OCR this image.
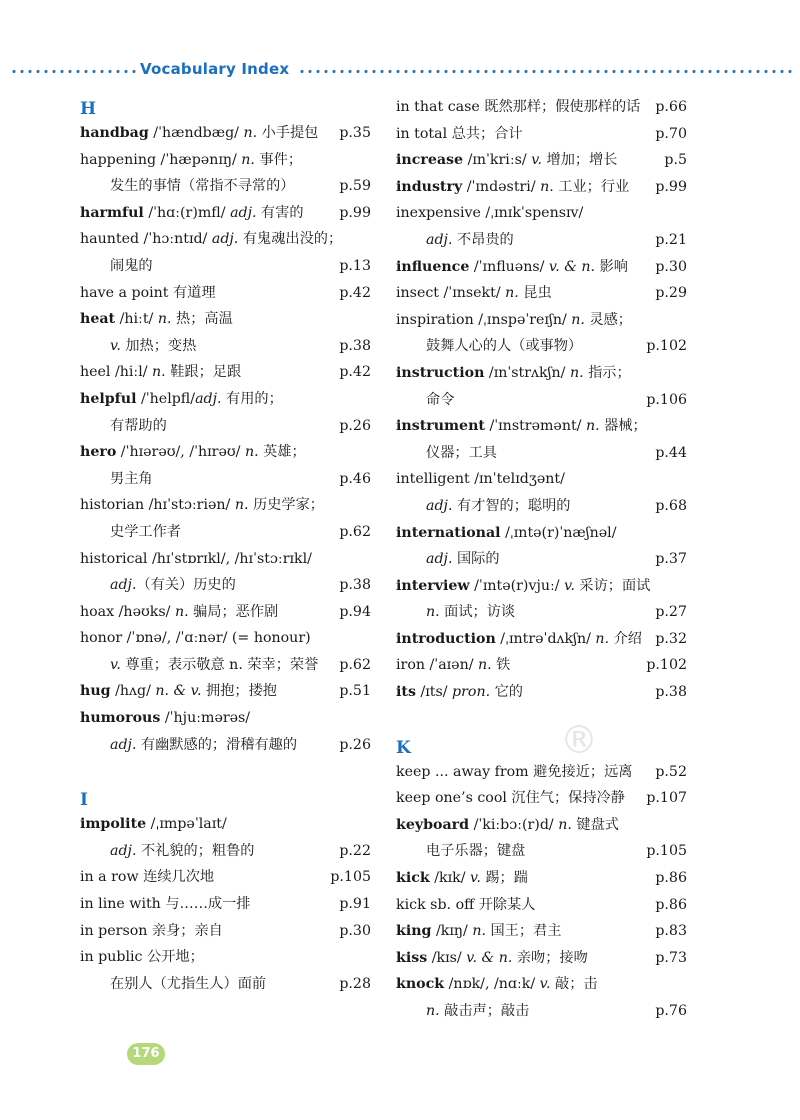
Vocabulary Index
H
handbag /ˈhændbæg/ n. 小手提包 p.35
happening /ˈhæpənɪŋ/ n. 事件；
发生的事情（常指不寻常的）	p.59
harmful /ˈhɑː(r)mfl/ adj. 有害的	p.99
haunted /ˈhɔːntɪd/ adj. 有鬼魂出没的；
闹鬼的	p.13
have a point 有道理	p.42
heat /hiːt/ n. 热；高温
v. 加热；变热	p.38
heel /hiːl/ n. 鞋跟；足跟	p.42
helpful /ˈhelpfl/adj. 有用的；
有帮助的	p.26
hero /ˈhɪərəʊ/, /ˈhɪrəʊ/ n. 英雄；
男主角	p.46
historian /hɪˈstɔːriən/ n. 历史学家；
史学工作者	p.62
historical /hɪˈstɒrɪkl/, /hɪˈstɔːrɪkl/
adj.（有关）历史的	p.38
hoax /həʊks/ n. 骗局；恶作剧	p.94
honor /ˈɒnə/, /ˈɑːnər/ (= honour)
v. 尊重；表示敬意 n. 荣幸；荣誉 p.62
hug /hʌg/ n. & v. 拥抱；搂抱	p.51
humorous /ˈhjuːmərəs/
adj. 有幽默感的；滑稽有趣的	p.26
I
impolite /ˌɪmpəˈlaɪt/
adj. 不礼貌的；粗鲁的	p.22
in a row 连续几次地	p.105
in line with 与……成一排	p.91
in person 亲身；亲自	p.30
in public 公开地；
在别人（尤指生人）面前	p.28
in that case 既然那样；假使那样的话 p.66
in total 总共；合计	p.70
increase /ɪnˈkriːs/ v. 增加；增长	p.5
industry /ˈɪndəstri/ n. 工业；行业 p.99
inexpensive /ˌɪnɪkˈspensɪv/
adj. 不昂贵的	p.21
influence /ˈɪnfluəns/ v. & n. 影响 p.30
insect /ˈɪnsekt/ n. 昆虫	p.29
inspiration /ˌɪnspəˈreɪʃn/ n. 灵感；
鼓舞人心的人（或事物）	p.102
instruction /ɪnˈstrʌkʃn/ n. 指示；
命令	p.106
instrument /ˈɪnstrəmənt/ n. 器械；
仪器；工具	p.44
intelligent /ɪnˈtelɪdʒənt/
adj. 有才智的；聪明的	p.68
international /ˌɪntə(r)ˈnæʃnəl/
adj. 国际的	p.37
interview /ˈɪntə(r)vjuː/ v. 采访；面试
n. 面试；访谈	p.27
introduction /ˌɪntrəˈdʌkʃn/ n. 介绍 p.32
iron /ˈaɪən/ n. 铁	p.102
its /ɪts/ pron. 它的	p.38
K
keep ... away from 避免接近；远离 p.52
keep one’s cool 沉住气；保持冷静 p.107
keyboard /ˈkiːbɔː(r)d/ n. 键盘式
电子乐器；键盘	p.105
kick /kɪk/ v. 踢；踹	p.86
kick sb. off 开除某人	p.86
king /kɪŋ/ n. 国王；君主	p.83
kiss /kɪs/ v. & n. 亲吻；接吻	p.73
knock /nɒk/, /nɑːk/ v. 敲；击
n. 敲击声；敲击	p.76
®
176
